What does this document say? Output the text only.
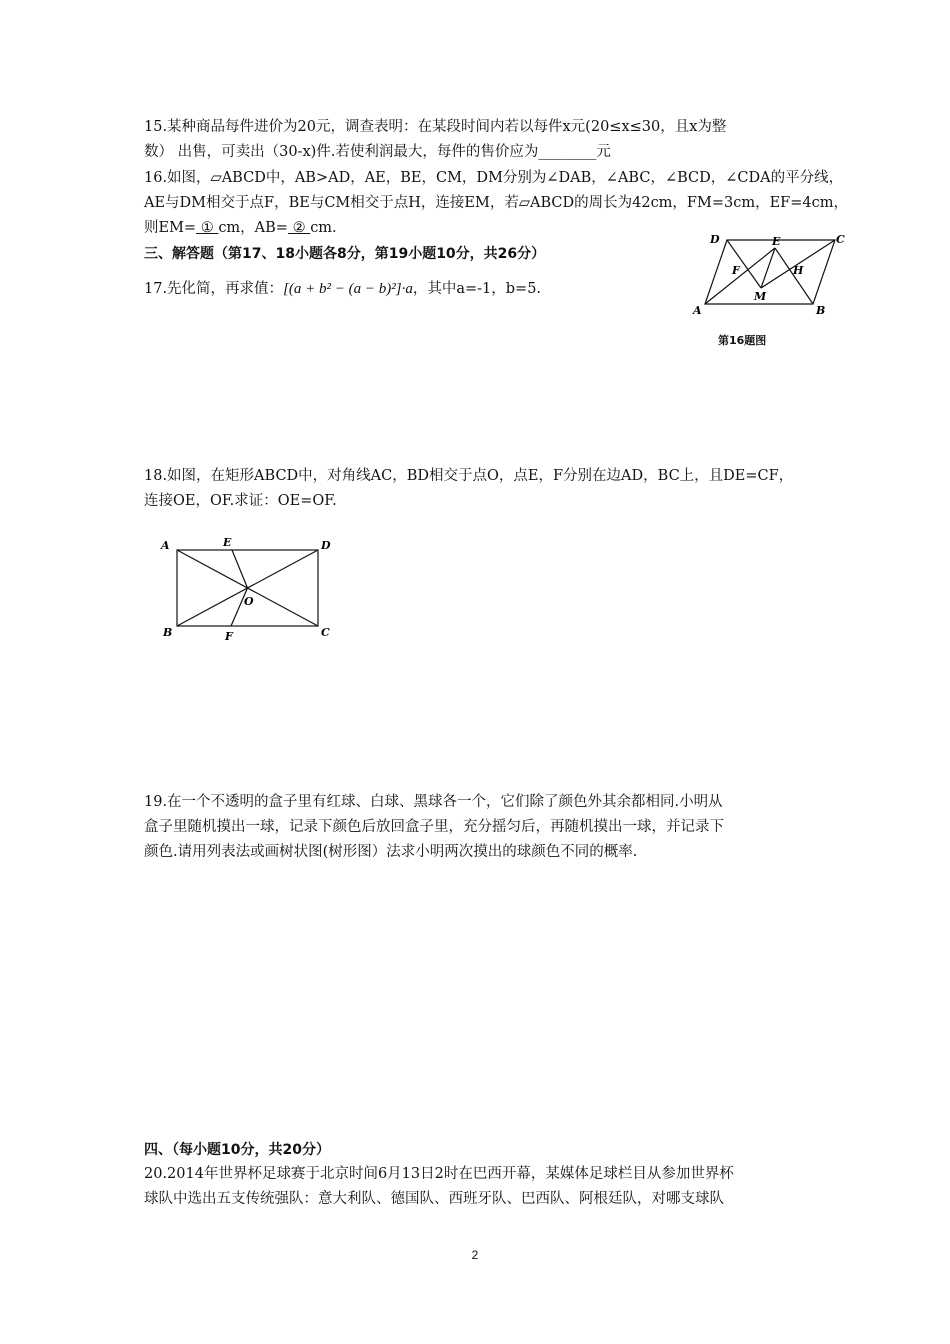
15.某种商品每件进价为20元，调查表明：在某段时间内若以每件x元(20≤x≤30，且x为整
数） 出售，可卖出（30-x)件.若使利润最大，每件的售价应为________元
16.如图，▱ABCD中，AB>AD，AE，BE，CM，DM分别为∠DAB，∠ABC，∠BCD，∠CDA的平分线，
AE与DM相交于点F，BE与CM相交于点H，连接EM，若▱ABCD的周长为42cm，FM=3cm，EF=4cm，
则EM= ① cm，AB= ② cm.
三、解答题（第17、18小题各8分，第19小题10分，共26分）
17.先化简，再求值：[(a + b² − (a − b)²]·a，其中a=-1，b=5.
A	B
C
D	E
F	H
M
第16题图
18.如图，在矩形ABCD中，对角线AC，BD相交于点O，点E，F分别在边AD，BC上，且DE=CF，
连接OE，OF.求证：OE=OF.
A
B	C
D
E
F
O
19.在一个不透明的盒子里有红球、白球、黑球各一个，它们除了颜色外其余都相同.小明从
盒子里随机摸出一球，记录下颜色后放回盒子里，充分摇匀后，再随机摸出一球，并记录下
颜色.请用列表法或画树状图(树形图）法求小明两次摸出的球颜色不同的概率.
四、（每小题10分，共20分）
20.2014年世界杯足球赛于北京时间6月13日2时在巴西开幕，某媒体足球栏目从参加世界杯
球队中选出五支传统强队：意大利队、德国队、西班牙队、巴西队、阿根廷队，对哪支球队
2
